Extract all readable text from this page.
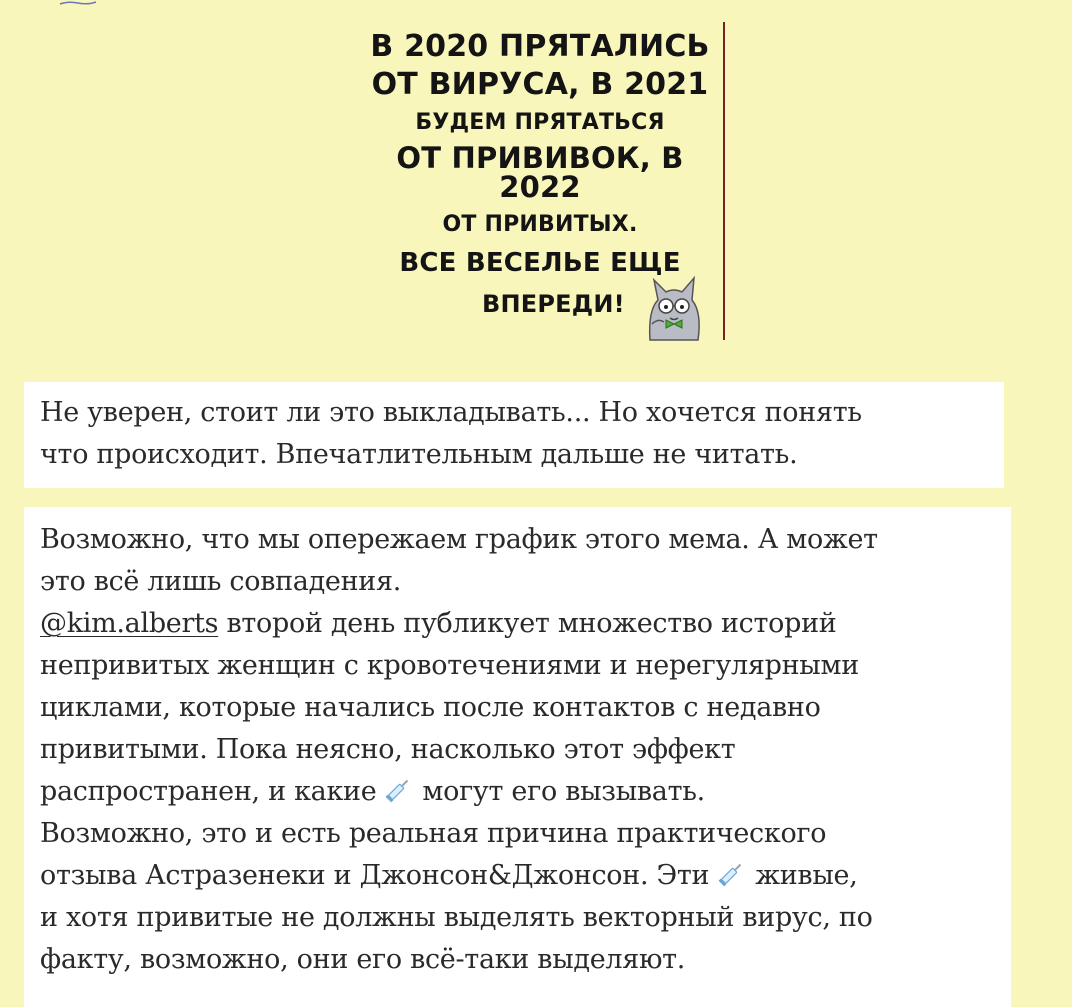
В 2020 ПРЯТАЛИСЬ
ОТ ВИРУСА, В 2021
БУДЕМ ПРЯТАТЬСЯ
ОТ ПРИВИВОК, В 2022
ОТ ПРИВИТЫХ.
ВСЕ ВЕСЕЛЬЕ ЕЩЕ
ВПЕРЕДИ!
Не уверен, стоит ли это выкладывать... Но хочется понять
что происходит. Впечатлительным дальше не читать.
Возможно, что мы опережаем график этого мема. А может
это всё лишь совпадения.
@kim.alberts второй день публикует множество историй
непривитых женщин с кровотечениями и нерегулярными
циклами, которые начались после контактов с недавно
привитыми. Пока неясно, насколько этот эффект
распространен, и какие могут его вызывать.
Возможно, это и есть реальная причина практического
отзыва Астразенеки и Джонсон&Джонсон. Эти живые,
и хотя привитые не должны выделять векторный вирус, по
факту, возможно, они его всё-таки выделяют.
